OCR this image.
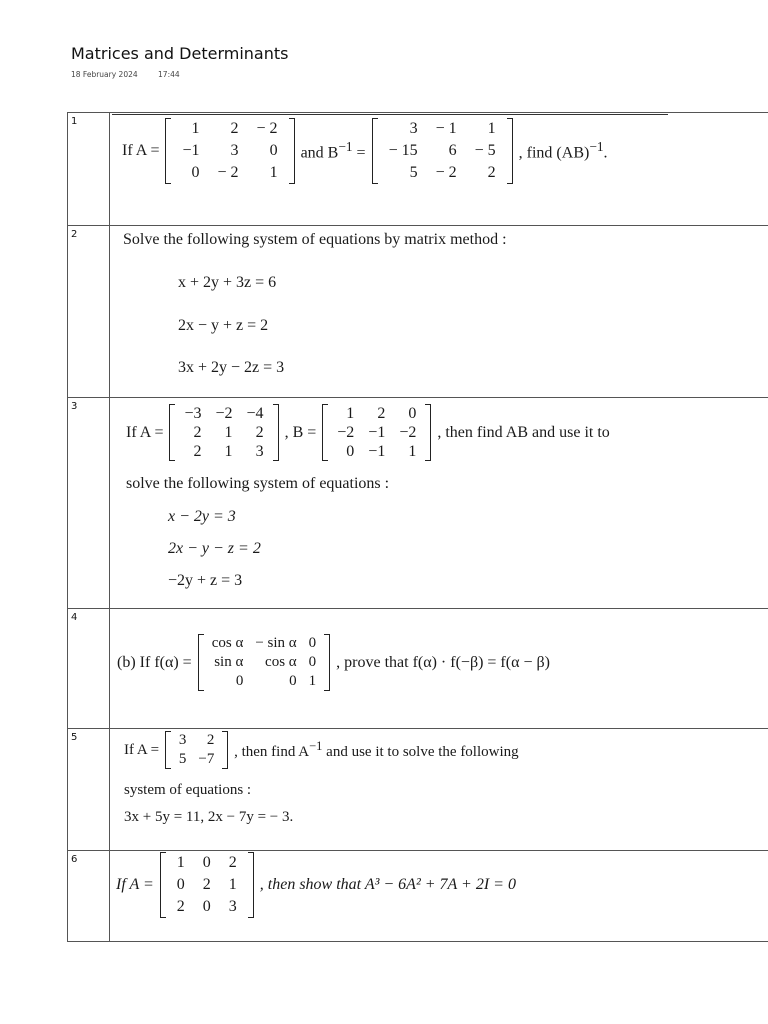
Matrices and Determinants
18 February 2024	17:44
1
If A =
1	2	− 2
−1	3	0
0	− 2	1
and $B^{-1}$ =
3	− 1	1
− 15	6	− 5
5	− 2	2
, find (AB)$^{-1}$.
2	Solve the following system of equations by matrix method :
x + 2y + 3z = 6
2x − y + z = 2
3x + 2y − 2z = 3
3
If A =
−3	−2	−4
2	1	2
2	1	3
, B =
1	2	0
−2	−1	−2
0	−1	1
, then find AB and use it to
solve the following system of equations :
x − 2y = 3
2x − y − z = 2
−2y + z = 3
4
(b) If f(α) =
cos α	− sin α	0
sin α	cos α	0
0	0	1
, prove that f(α) · f(−β) = f(α − β)
5
If A =
3	2
5	−7 , then find $A^{-1}$ and use it to solve the following
system of equations :
3x + 5y = 11, 2x − 7y = − 3.
6
If A =
1	0	2
0	2	1
2	0	3
, then show that A³ − 6A² + 7A + 2I = 0
